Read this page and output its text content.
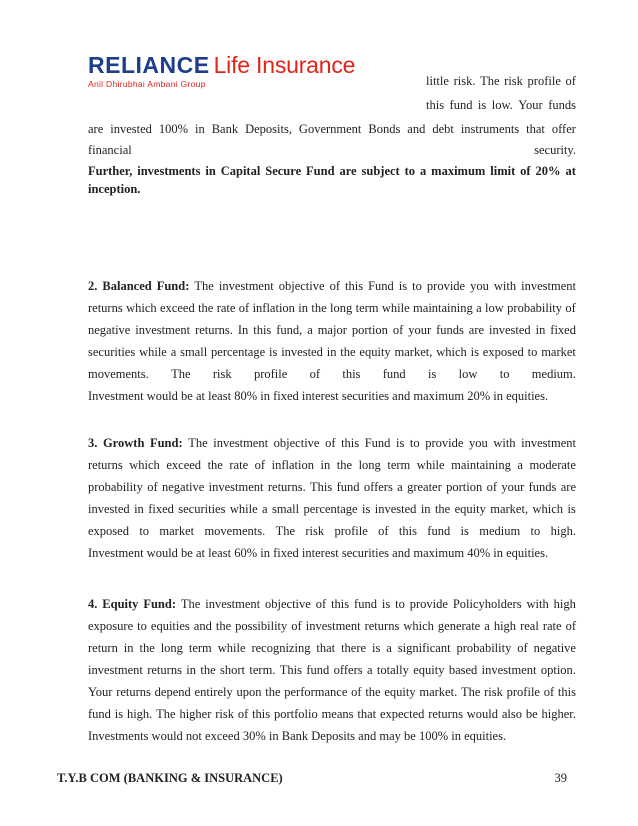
RELIANCE Life Insurance
Anil Dhirubhai Ambani Group	little risk. The risk profile of
this fund is low. Your funds
are invested 100% in Bank Deposits, Government Bonds and debt instruments that offer
financial	security.
Further, investments in Capital Secure Fund are subject to a maximum limit of 20% at
inception.
2. Balanced Fund: The investment objective of this Fund is to provide you with investment
returns which exceed the rate of inflation in the long term while maintaining a low probability of
negative investment returns. In this fund, a major portion of your funds are invested in fixed
securities while a small percentage is invested in the equity market, which is exposed to market
movements. The risk profile of this fund is low to medium.
Investment would be at least 80% in fixed interest securities and maximum 20% in equities.
3. Growth Fund: The investment objective of this Fund is to provide you with investment
returns which exceed the rate of inflation in the long term while maintaining a moderate
probability of negative investment returns. This fund offers a greater portion of your funds are
invested in fixed securities while a small percentage is invested in the equity market, which is
exposed to market movements. The risk profile of this fund is medium to high.
Investment would be at least 60% in fixed interest securities and maximum 40% in equities.
4. Equity Fund: The investment objective of this fund is to provide Policyholders with high
exposure to equities and the possibility of investment returns which generate a high real rate of
return in the long term while recognizing that there is a significant probability of negative
investment returns in the short term. This fund offers a totally equity based investment option.
Your returns depend entirely upon the performance of the equity market. The risk profile of this
fund is high. The higher risk of this portfolio means that expected returns would also be higher.
Investments would not exceed 30% in Bank Deposits and may be 100% in equities.
T.Y.B COM (BANKING & INSURANCE)	39
